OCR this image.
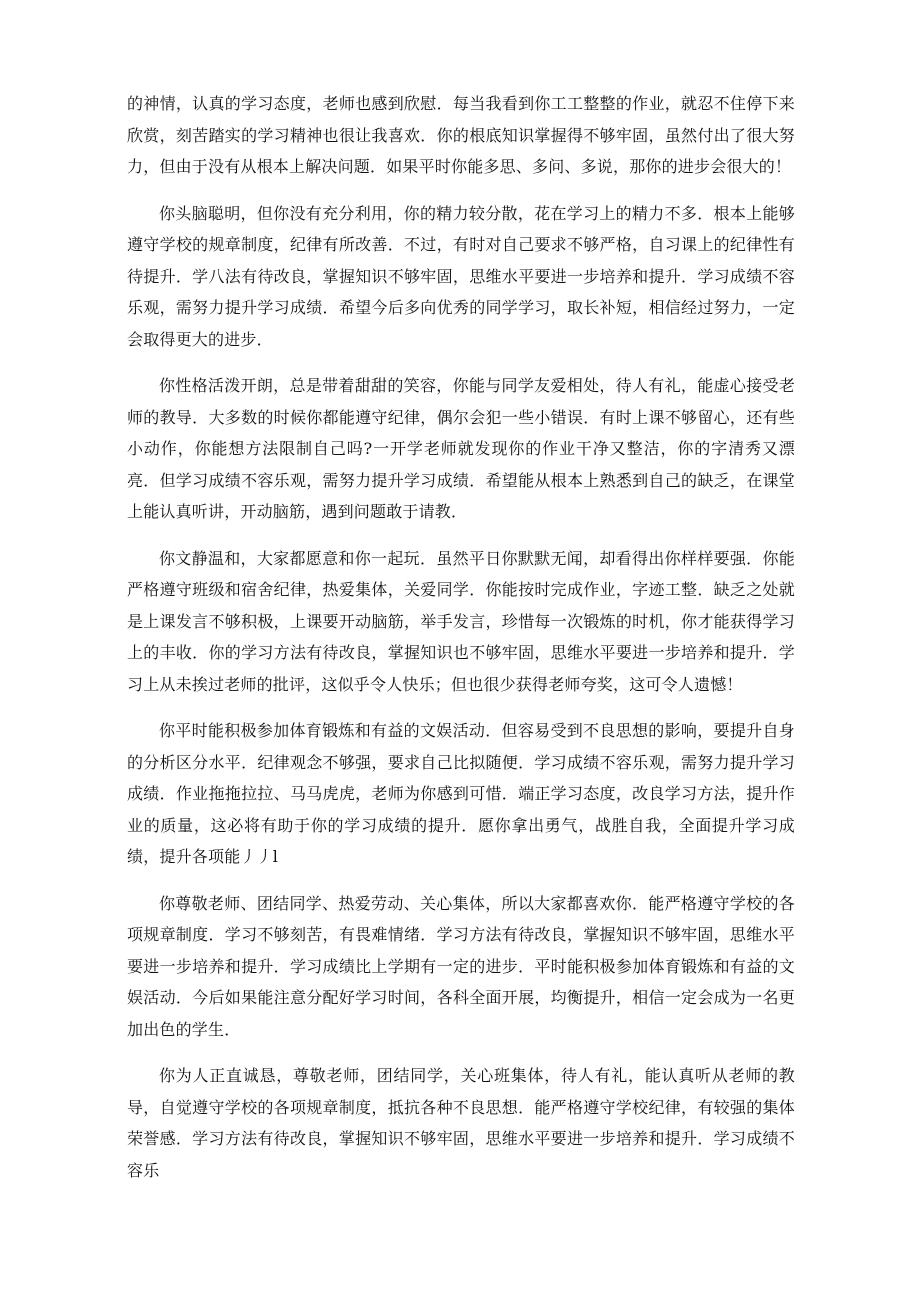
的神情，认真的学习态度，老师也感到欣慰．每当我看到你工工整整的作业，就忍不住停下来欣赏，刻苦踏实的学习精神也很让我喜欢．你的根底知识掌握得不够牢固，虽然付出了很大努力，但由于没有从根本上解决问题．如果平时你能多思、多问、多说，那你的进步会很大的！

你头脑聪明，但你没有充分利用，你的精力较分散，花在学习上的精力不多．根本上能够遵守学校的规章制度，纪律有所改善．不过，有时对自己要求不够严格，自习课上的纪律性有待提升．学八法有待改良，掌握知识不够牢固，思维水平要进一步培养和提升．学习成绩不容乐观，需努力提升学习成绩．希望今后多向优秀的同学学习，取长补短，相信经过努力，一定会取得更大的进步．

你性格活泼开朗，总是带着甜甜的笑容，你能与同学友爱相处，待人有礼，能虚心接受老师的教导．大多数的时候你都能遵守纪律，偶尔会犯一些小错误．有时上课不够留心，还有些小动作，你能想方法限制自己吗?一开学老师就发现你的作业干净又整洁，你的字清秀又漂亮．但学习成绩不容乐观，需努力提升学习成绩．希望能从根本上熟悉到自己的缺乏，在课堂上能认真听讲，开动脑筋，遇到问题敢于请教．

你文静温和，大家都愿意和你一起玩．虽然平日你默默无闻，却看得出你样样要强．你能严格遵守班级和宿舍纪律，热爱集体，关爱同学．你能按时完成作业，字迹工整．缺乏之处就是上课发言不够积极，上课要开动脑筋，举手发言，珍惜每一次锻炼的时机，你才能获得学习上的丰收．你的学习方法有待改良，掌握知识也不够牢固，思维水平要进一步培养和提升．学习上从未挨过老师的批评，这似乎令人快乐；但也很少获得老师夸奖，这可令人遗憾！

你平时能积极参加体育锻炼和有益的文娱活动．但容易受到不良思想的影响，要提升自身的分析区分水平．纪律观念不够强，要求自己比拟随便．学习成绩不容乐观，需努力提升学习成绩．作业拖拖拉拉、马马虎虎，老师为你感到可惜．端正学习态度，改良学习方法，提升作业的质量，这必将有助于你的学习成绩的提升．愿你拿出勇气，战胜自我，全面提升学习成绩，提升各项能丿丿l

你尊敬老师、团结同学、热爱劳动、关心集体，所以大家都喜欢你．能严格遵守学校的各项规章制度．学习不够刻苦，有畏难情绪．学习方法有待改良，掌握知识不够牢固，思维水平要进一步培养和提升．学习成绩比上学期有一定的进步．平时能积极参加体育锻炼和有益的文娱活动．今后如果能注意分配好学习时间，各科全面开展，均衡提升，相信一定会成为一名更加出色的学生．

你为人正直诚恳，尊敬老师，团结同学，关心班集体，待人有礼，能认真听从老师的教导，自觉遵守学校的各项规章制度，抵抗各种不良思想．能严格遵守学校纪律，有较强的集体荣誉感．学习方法有待改良，掌握知识不够牢固，思维水平要进一步培养和提升．学习成绩不容乐
